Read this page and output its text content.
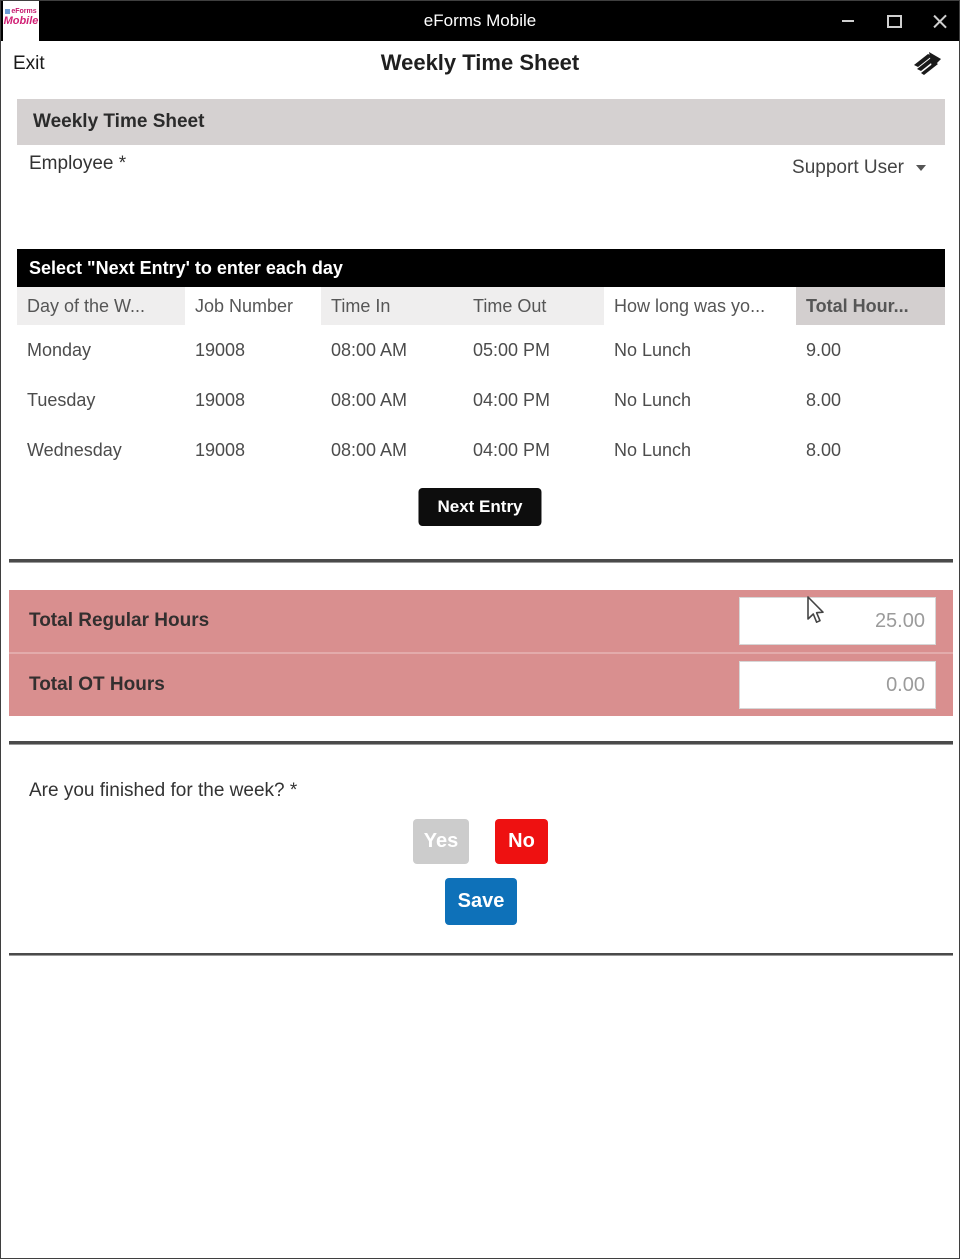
eForms Mobile
eForms
Mobile
Exit	Weekly Time Sheet
Weekly Time Sheet
Employee *	Support User
Select "Next Entry' to enter each day
Day of the W...	Job Number	Time In	Time Out	How long was yo...	Total Hour...
Monday	19008	08:00 AM	05:00 PM	No Lunch	9.00
Tuesday	19008	08:00 AM	04:00 PM	No Lunch	8.00
Wednesday	19008	08:00 AM	04:00 PM	No Lunch	8.00
Next Entry
Total Regular Hours
25.00
Total OT Hours
0.00
Are you finished for the week? *
Yes	No
Save
